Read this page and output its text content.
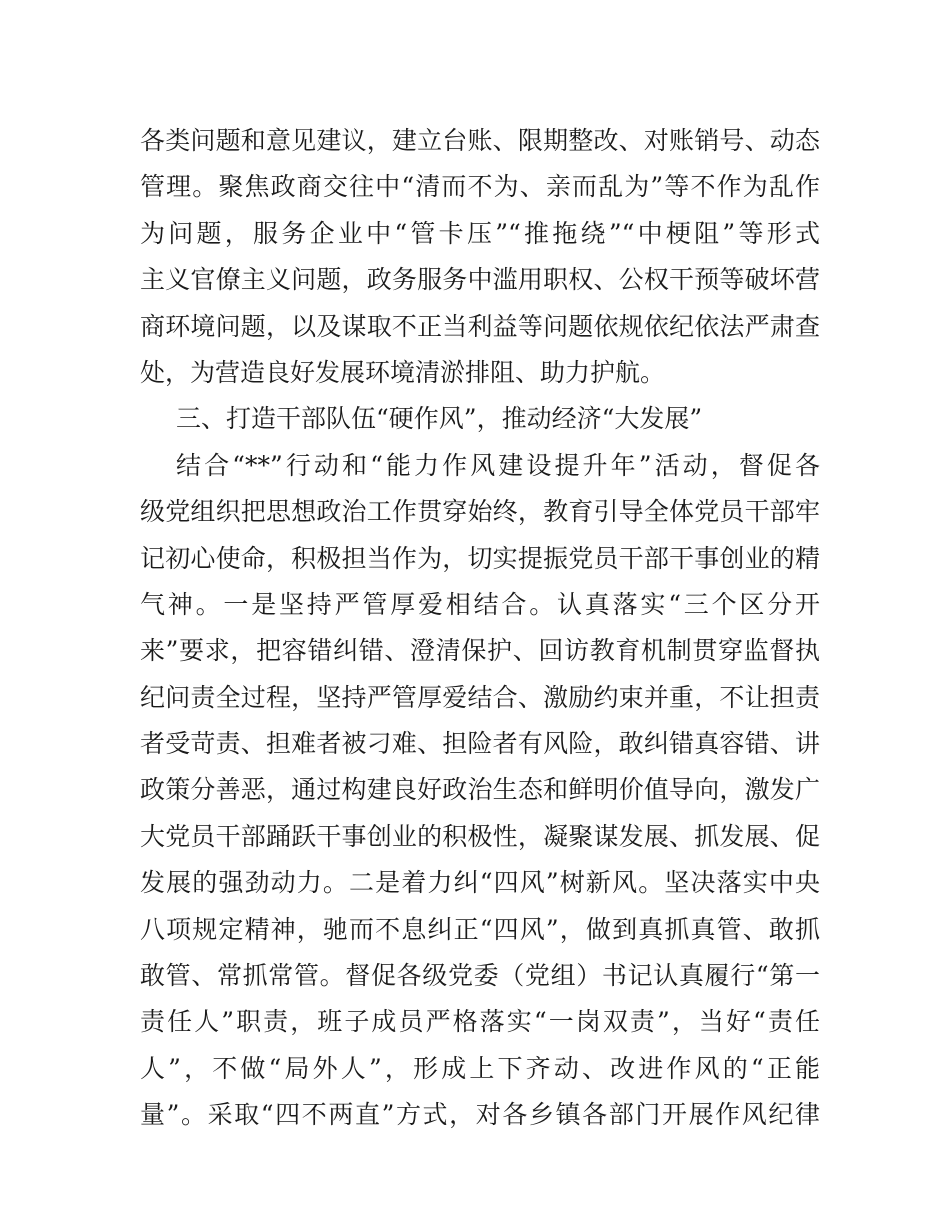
各类问题和意见建议，建立台账、限期整改、对账销号、动态
管理。聚焦政商交往中“清而不为、亲而乱为”等不作为乱作
为问题，服务企业中“管卡压”“推拖绕”“中梗阻”等形式
主义官僚主义问题，政务服务中滥用职权、公权干预等破坏营
商环境问题，以及谋取不正当利益等问题依规依纪依法严肃查
处，为营造良好发展环境清淤排阻、助力护航。
三、打造干部队伍“硬作风”，推动经济“大发展”
结合“**”行动和“能力作风建设提升年”活动，督促各
级党组织把思想政治工作贯穿始终，教育引导全体党员干部牢
记初心使命，积极担当作为，切实提振党员干部干事创业的精
气神。一是坚持严管厚爱相结合。认真落实“三个区分开
来”要求，把容错纠错、澄清保护、回访教育机制贯穿监督执
纪问责全过程，坚持严管厚爱结合、激励约束并重，不让担责
者受苛责、担难者被刁难、担险者有风险，敢纠错真容错、讲
政策分善恶，通过构建良好政治生态和鲜明价值导向，激发广
大党员干部踊跃干事创业的积极性，凝聚谋发展、抓发展、促
发展的强劲动力。二是着力纠“四风”树新风。坚决落实中央
八项规定精神，驰而不息纠正“四风”，做到真抓真管、敢抓
敢管、常抓常管。督促各级党委（党组）书记认真履行“第一
责任人”职责，班子成员严格落实“一岗双责”，当好“责任
人”，不做“局外人”，形成上下齐动、改进作风的“正能
量”。采取“四不两直”方式，对各乡镇各部门开展作风纪律
